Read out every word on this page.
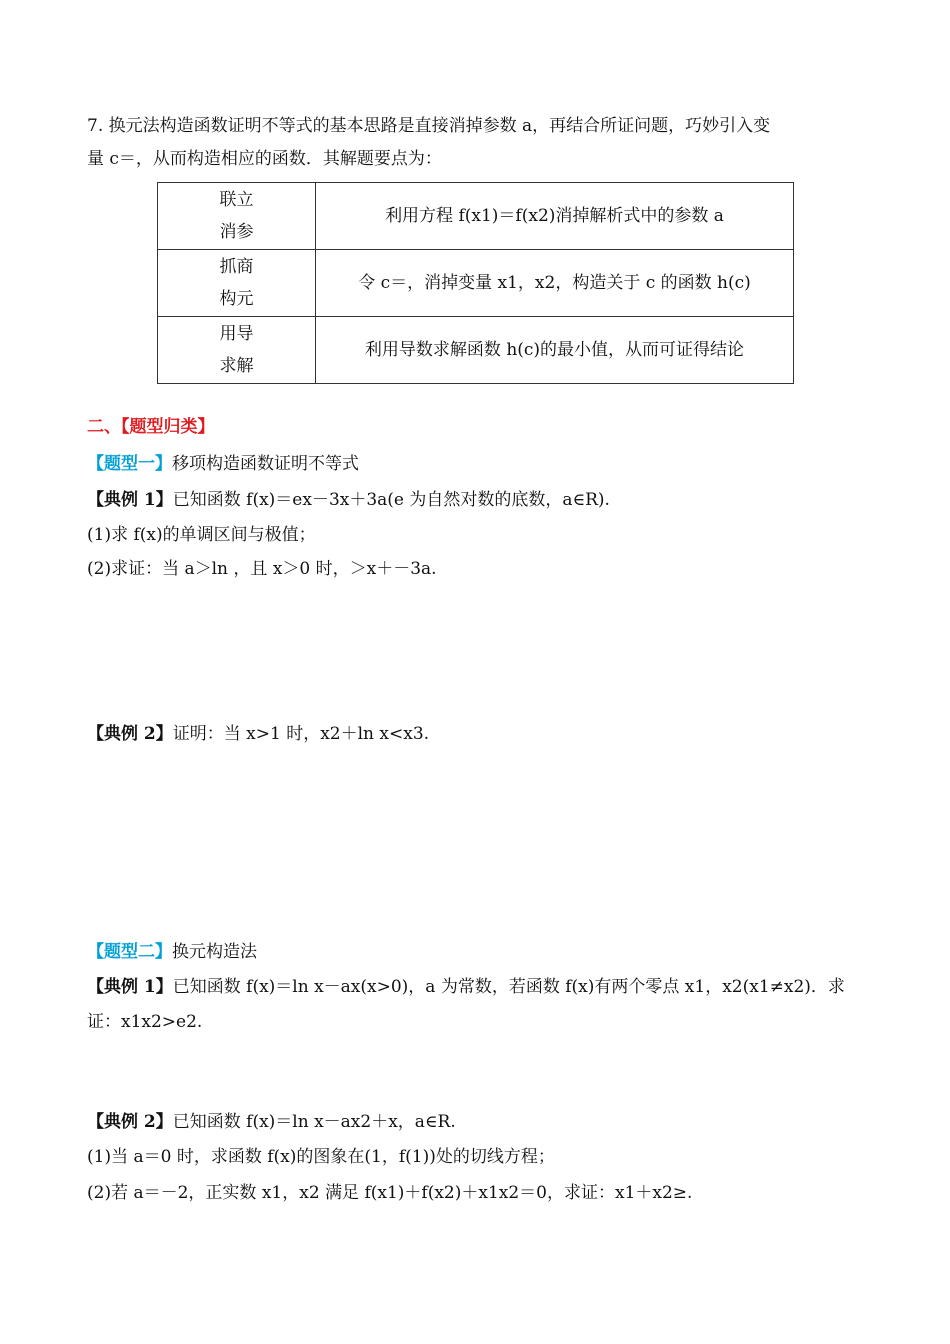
7. 换元法构造函数证明不等式的基本思路是直接消掉参数 a，再结合所证问题，巧妙引入变
量 c＝，从而构造相应的函数．其解题要点为：
联立
消参	利用方程 f(x1)＝f(x2)消掉解析式中的参数 a

抓商
构元	令 c＝，消掉变量 x1，x2，构造关于 c 的函数 h(c)

用导
求解	利用导数求解函数 h(c)的最小值，从而可证得结论
二、【题型归类】
【题型一】移项构造函数证明不等式
【典例 1】已知函数 f(x)＝ex－3x＋3a(e 为自然对数的底数，a∈R).
(1)求 f(x)的单调区间与极值；
(2)求证：当 a＞ln ，且 x＞0 时，＞x＋－3a.
【典例 2】证明：当 x>1 时，x2＋ln x<x3.
【题型二】换元构造法
【典例 1】已知函数 f(x)＝ln x－ax(x>0)，a 为常数，若函数 f(x)有两个零点 x1，x2(x1≠x2)．求
证：x1x2>e2.
【典例 2】已知函数 f(x)＝ln x－ax2＋x，a∈R.
(1)当 a＝0 时，求函数 f(x)的图象在(1，f(1))处的切线方程；
(2)若 a＝－2，正实数 x1，x2 满足 f(x1)＋f(x2)＋x1x2＝0，求证：x1＋x2≥.
